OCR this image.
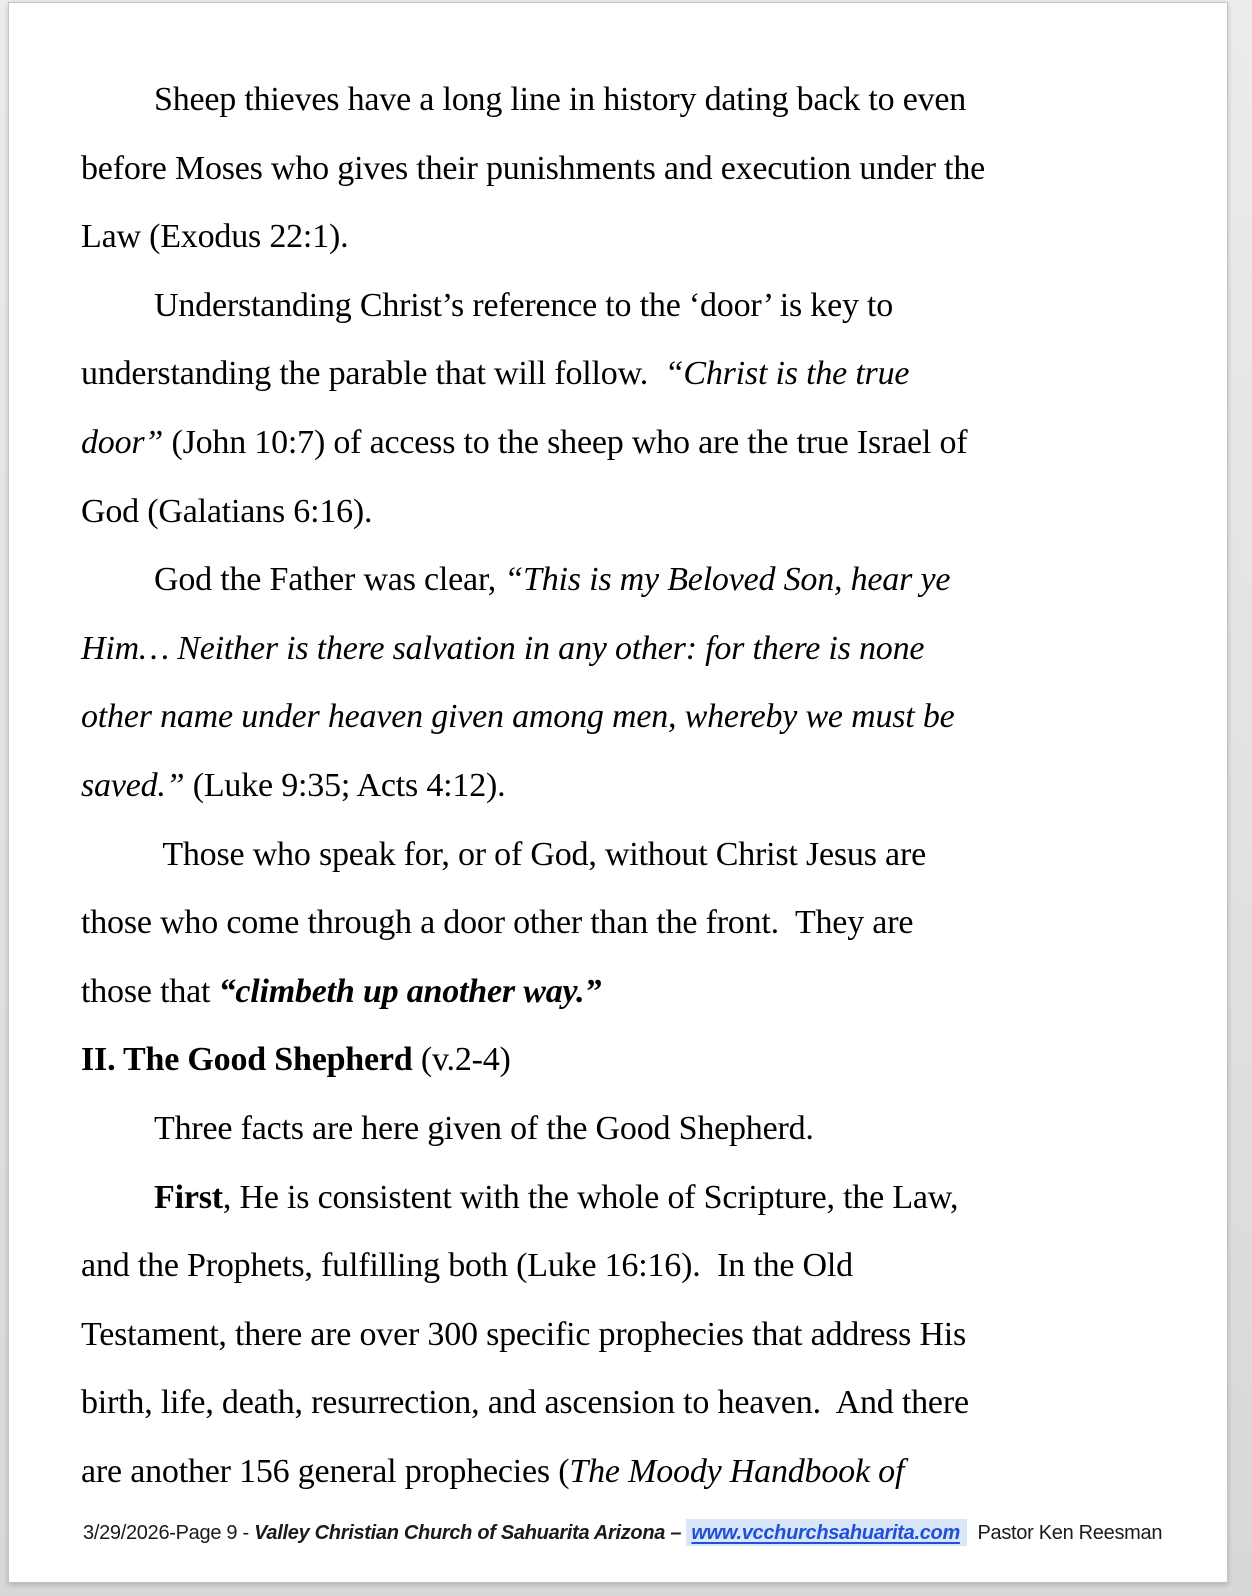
Sheep thieves have a long line in history dating back to even
before Moses who gives their punishments and execution under the
Law (Exodus 22:1).
Understanding Christ’s reference to the ‘door’ is key to
understanding the parable that will follow.  “Christ is the true
door” (John 10:7) of access to the sheep who are the true Israel of
God (Galatians 6:16).
God the Father was clear, “This is my Beloved Son, hear ye
Him… Neither is there salvation in any other: for there is none
other name under heaven given among men, whereby we must be
saved.” (Luke 9:35; Acts 4:12).
Those who speak for, or of God, without Christ Jesus are
those who come through a door other than the front.  They are
those that “climbeth up another way.”
II. The Good Shepherd (v.2-4)
Three facts are here given of the Good Shepherd.
First, He is consistent with the whole of Scripture, the Law,
and the Prophets, fulfilling both (Luke 16:16).  In the Old
Testament, there are over 300 specific prophecies that address His
birth, life, death, resurrection, and ascension to heaven.  And there
are another 156 general prophecies (The Moody Handbook of
3/29/2026-Page 9 - Valley Christian Church of Sahuarita Arizona – www.vcchurchsahuarita.com  Pastor Ken Reesman
